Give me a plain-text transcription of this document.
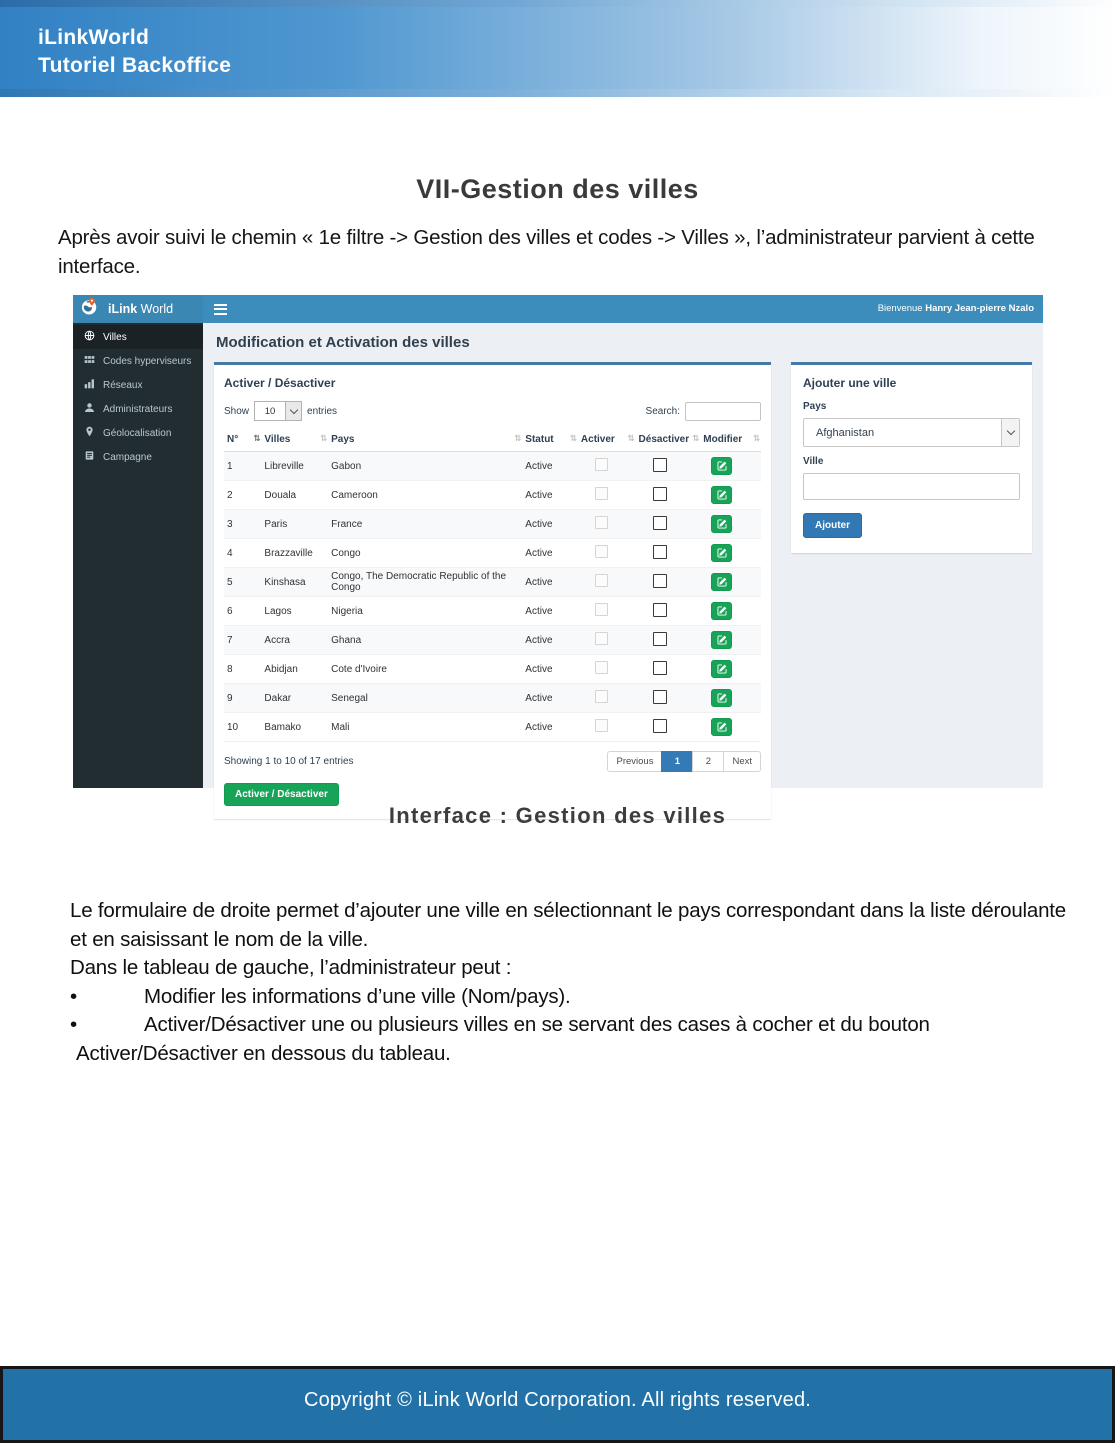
iLinkWorld
Tutoriel Backoffice
VII-Gestion des villes
Après avoir suivi le chemin « 1e filtre -> Gestion des villes et codes -> Villes », l’administrateur parvient à cette interface.
iLink World	Bienvenue Hanry Jean-pierre Nzalo
Villes
Codes hyperviseurs
Réseaux
Administrateurs
Géolocalisation
Campagne
Modification et Activation des villes
Activer / Désactiver
Show	10	entries	Search:
N° ⇅	Villes ⇅	Pays ⇅	Statut ⇅	Activer ⇅	Désactiver ⇅	Modifier ⇅

1	Libreville	Gabon	Active			

2	Douala	Cameroon	Active			

3	Paris	France	Active			

4	Brazzaville	Congo	Active			

5	Kinshasa	Congo, The Democratic Republic of the Congo	Active			

6	Lagos	Nigeria	Active			

7	Accra	Ghana	Active			

8	Abidjan	Cote d'Ivoire	Active			

9	Dakar	Senegal	Active			

10	Bamako	Mali	Active			
Showing 1 to 10 of 17 entries	Previous	1	2	Next
Activer / Désactiver
Ajouter une ville
Pays
Afghanistan
Ville

Ajouter
Interface : Gestion des villes

Le formulaire de droite permet d’ajouter une ville en sélectionnant le pays correspondant dans la liste déroulante et en saisissant le nom de la ville.

Dans le tableau de gauche, l’administrateur peut :

•	Modifier les informations d’une ville (Nom/pays).
•	Activer/Désactiver une ou plusieurs villes en se servant des cases à cocher et du bouton
Activer/Désactiver en dessous du tableau.
Copyright © iLink World Corporation. All rights reserved.
